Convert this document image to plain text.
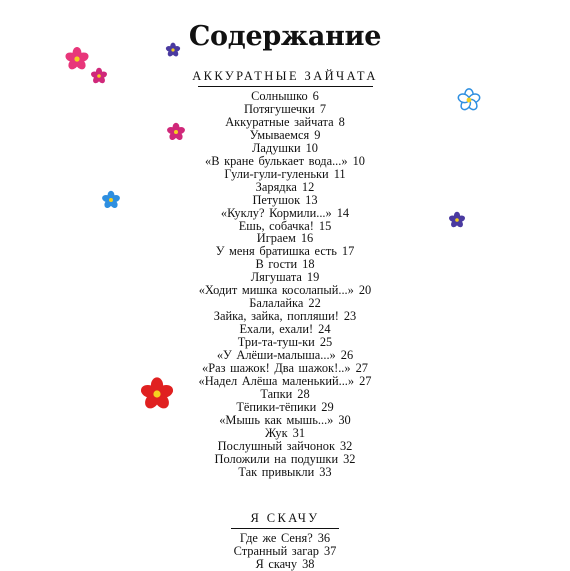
Содержание
АККУРАТНЫЕ ЗАЙЧАТА
Солнышко 6
Потягушечки 7
Аккуратные зайчата 8
Умываемся 9
Ладушки 10
«В кране булькает вода...» 10
Гули-гули-гуленьки 11
Зарядка 12
Петушок 13
«Куклу? Кормили...» 14
Ешь, собачка! 15
Играем 16
У меня братишка есть 17
В гости 18
Лягушата 19
«Ходит мишка косолапый...» 20
Балалайка 22
Зайка, зайка, попляши! 23
Ехали, ехали! 24
Три-та-туш-ки 25
«У Алёши-малыша...» 26
«Раз шажок! Два шажок!..» 27
«Надел Алёша маленький...» 27
Тапки 28
Тёпики-тёпики 29
«Мышь как мышь...» 30
Жук 31
Послушный зайчонок 32
Положили на подушки 32
Так привыкли 33
Я СКАЧУ
Где же Сеня? 36
Странный загар 37
Я скачу 38
